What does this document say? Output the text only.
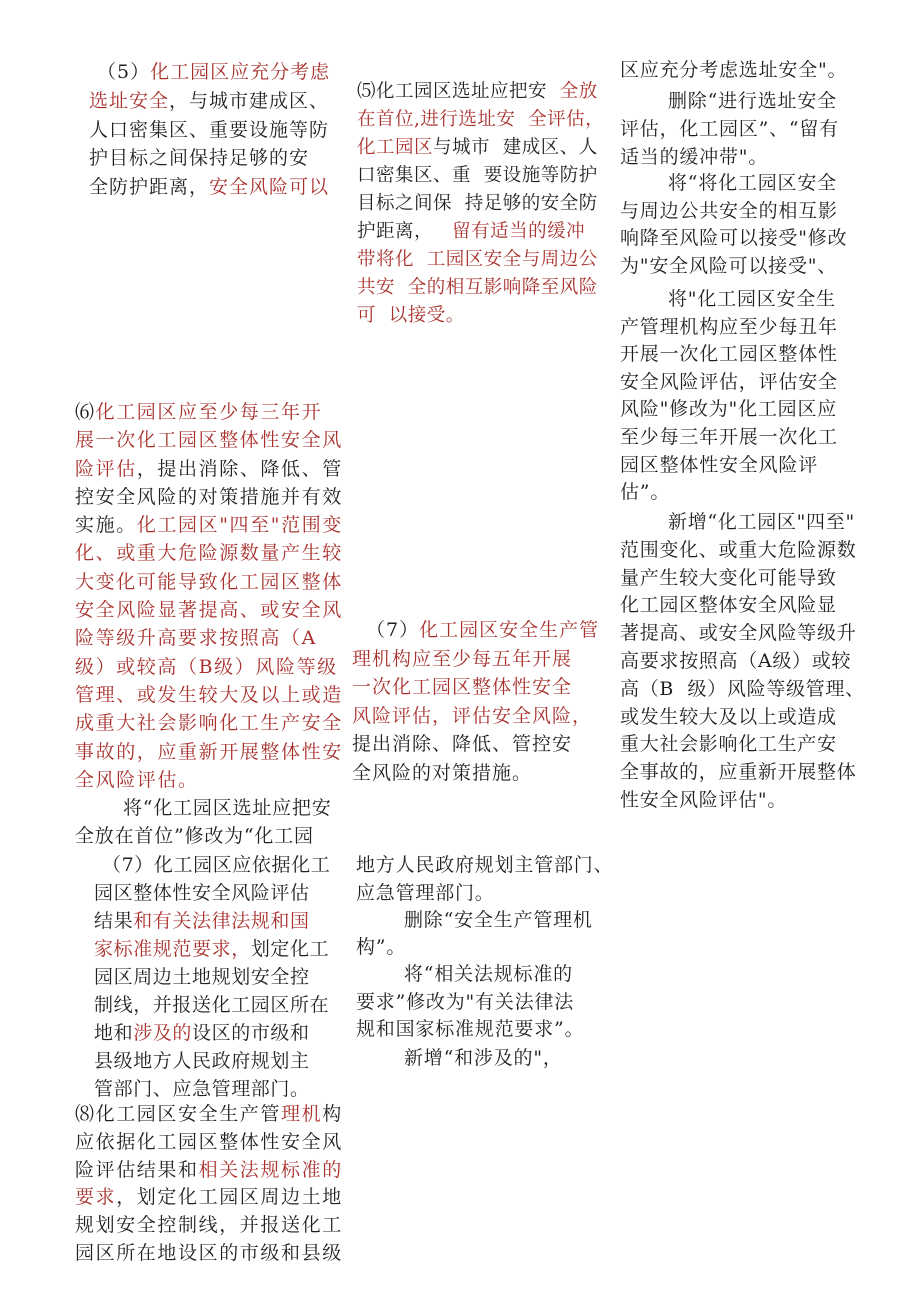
（5）化工园区应充分考虑
选址安全，与城市建成区、
人口密集区、重要设施等防
护目标之间保持足够的安
全防护距离，安全风险可以
⑹化工园区应至少每三年开
展一次化工园区整体性安全风
险评估，提出消除、降低、管
控安全风险的对策措施并有效
实施。化工园区"四至"范围变
化、或重大危险源数量产生较
大变化可能导致化工园区整体
安全风险显著提高、或安全风
险等级升高要求按照高（A
级）或较高（B级）风险等级
管理、或发生较大及以上或造
成重大社会影响化工生产安全
事故的，应重新开展整体性安
全风险评估。
将“化工园区选址应把安
全放在首位”修改为“化工园
（7）化工园区应依据化工
园区整体性安全风险评估
结果和有关法律法规和国
家标准规范要求，划定化工
园区周边土地规划安全控
制线，并报送化工园区所在
地和涉及的设区的市级和
县级地方人民政府规划主
管部门、应急管理部门。
⑻化工园区安全生产管理机构
应依据化工园区整体性安全风
险评估结果和相关法规标准的
要求，划定化工园区周边土地
规划安全控制线，并报送化工
园区所在地设区的市级和县级
⑸化工园区选址应把安  全放
在首位,进行选址安  全评估，
化工园区与城市  建成区、人
口密集区、重  要设施等防护
目标之间保  持足够的安全防
护距离，   留有适当的缓冲
带将化  工园区安全与周边公
共安  全的相互影响降至风险
可  以接受。
（7）化工园区安全生产管
理机构应至少每五年开展
一次化工园区整体性安全
风险评估，评估安全风险，
提出消除、降低、管控安
全风险的对策措施。
地方人民政府规划主管部门、
应急管理部门。
删除“安全生产管理机
构”。
将“相关法规标准的
要求”修改为"有关法律法
规和国家标准规范要求”。
新增“和涉及的"，
区应充分考虑选址安全"。
删除“进行选址安全
评估，化工园区”、“留有
适当的缓冲带"。
将“将化工园区安全
与周边公共安全的相互影
响降至风险可以接受"修改
为"安全风险可以接受"、
将"化工园区安全生
产管理机构应至少每丑年
开展一次化工园区整体性
安全风险评估，评估安全
风险"修改为"化工园区应
至少每三年开展一次化工
园区整体性安全风险评
估”。
新增“化工园区"四至"
范围变化、或重大危险源数
量产生较大变化可能导致
化工园区整体安全风险显
著提高、或安全风险等级升
高要求按照高（A级）或较
高（B  级）风险等级管理、
或发生较大及以上或造成
重大社会影响化工生产安
全事故的，应重新开展整体
性安全风险评估"。
